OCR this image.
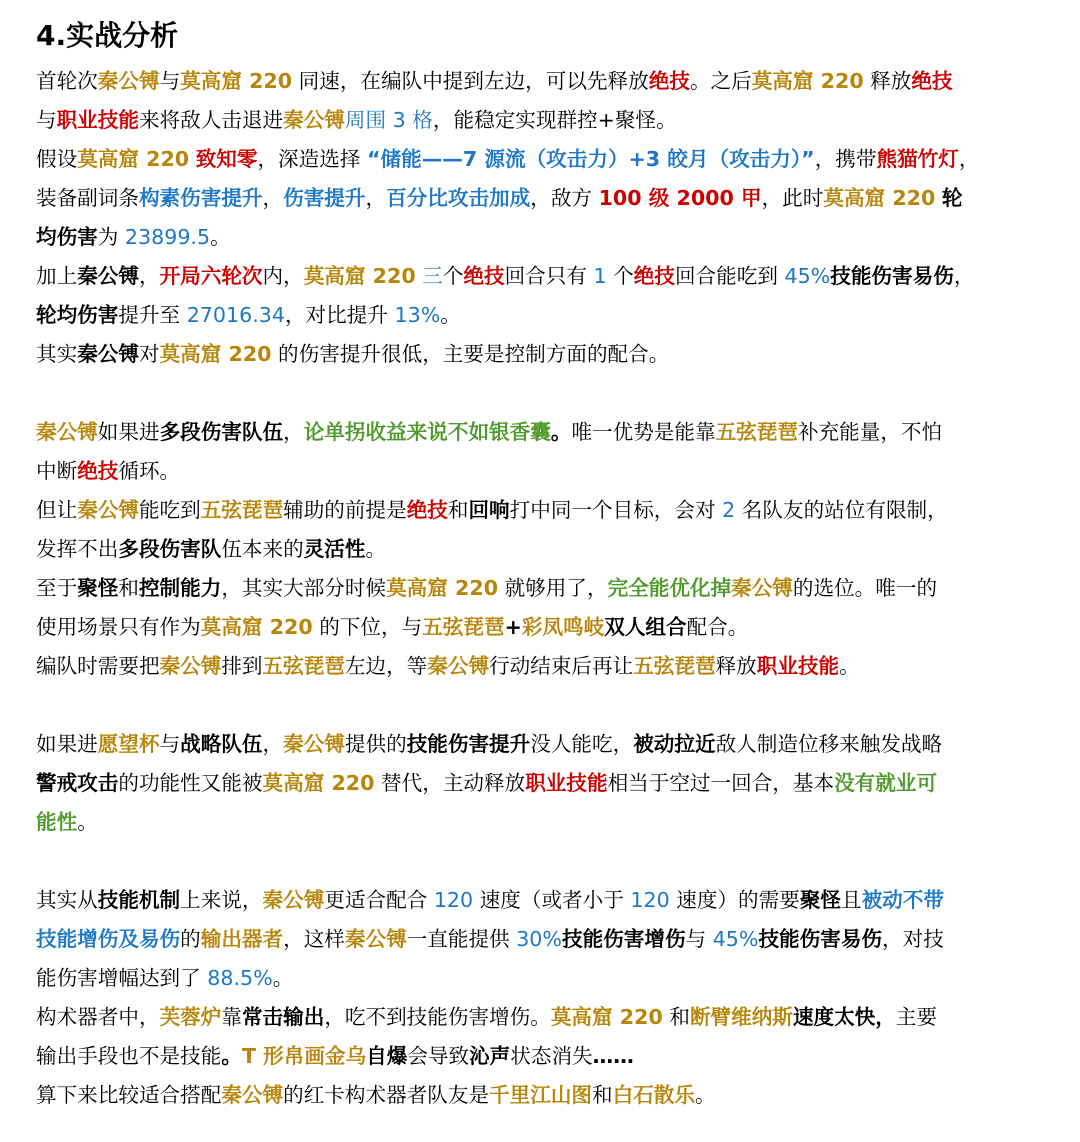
4.实战分析
首轮次秦公镈与莫高窟 220 同速，在编队中提到左边，可以先释放绝技。之后莫高窟 220 释放绝技
与职业技能来将敌人击退进秦公镈周围 3 格，能稳定实现群控+聚怪。
假设莫高窟 220 致知零，深造选择 “储能——7 源流（攻击力）+3 皎月（攻击力）”，携带熊猫竹灯，
装备副词条构素伤害提升，伤害提升，百分比攻击加成，敌方 100 级 2000 甲，此时莫高窟 220 轮
均伤害为 23899.5。
加上秦公镈，开局六轮次内，莫高窟 220 三个绝技回合只有 1 个绝技回合能吃到 45%技能伤害易伤，
轮均伤害提升至 27016.34，对比提升 13%。
其实秦公镈对莫高窟 220 的伤害提升很低，主要是控制方面的配合。
秦公镈如果进多段伤害队伍，论单拐收益来说不如银香囊。唯一优势是能靠五弦琵琶补充能量，不怕
中断绝技循环。
但让秦公镈能吃到五弦琵琶辅助的前提是绝技和回响打中同一个目标，会对 2 名队友的站位有限制，
发挥不出多段伤害队伍本来的灵活性。
至于聚怪和控制能力，其实大部分时候莫高窟 220 就够用了，完全能优化掉秦公镈的选位。唯一的
使用场景只有作为莫高窟 220 的下位，与五弦琵琶+彩凤鸣岐双人组合配合。
编队时需要把秦公镈排到五弦琵琶左边，等秦公镈行动结束后再让五弦琵琶释放职业技能。
如果进愿望杯与战略队伍，秦公镈提供的技能伤害提升没人能吃，被动拉近敌人制造位移来触发战略
警戒攻击的功能性又能被莫高窟 220 替代，主动释放职业技能相当于空过一回合，基本没有就业可
能性。
其实从技能机制上来说，秦公镈更适合配合 120 速度（或者小于 120 速度）的需要聚怪且被动不带
技能增伤及易伤的输出器者，这样秦公镈一直能提供 30%技能伤害增伤与 45%技能伤害易伤，对技
能伤害增幅达到了 88.5%。
构术器者中，芙蓉炉靠常击输出，吃不到技能伤害增伤。莫高窟 220 和断臂维纳斯速度太快，主要
输出手段也不是技能。T 形帛画金乌自爆会导致沁声状态消失……
算下来比较适合搭配秦公镈的红卡构术器者队友是千里江山图和白石散乐。
